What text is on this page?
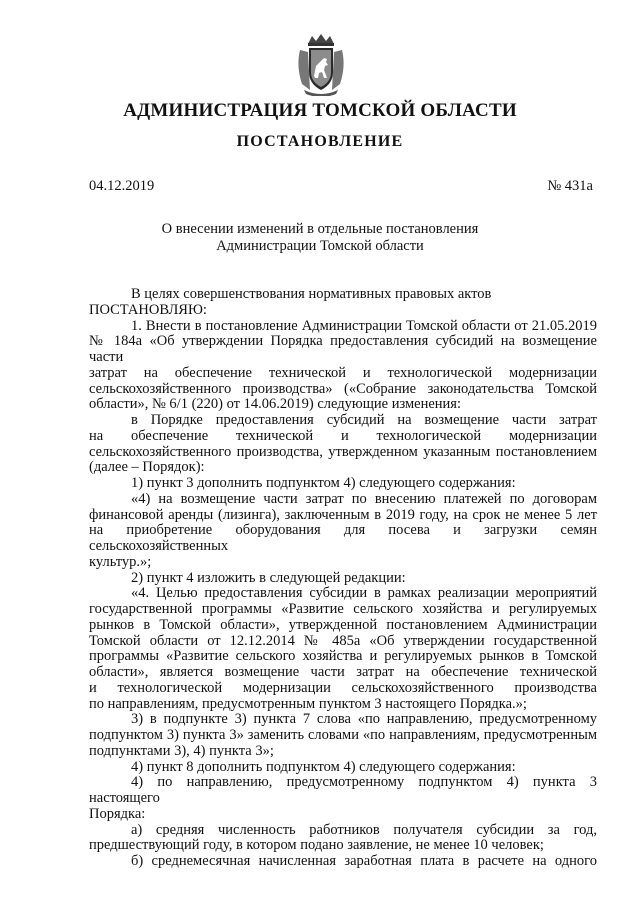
АДМИНИСТРАЦИЯ ТОМСКОЙ ОБЛАСТИ
ПОСТАНОВЛЕНИЕ
04.12.2019	№ 431а
О внесении изменений в отдельные постановления
Администрации Томской области

В целях совершенствования нормативных правовых актов

ПОСТАНОВЛЯЮ:

1. Внести в постановление Администрации Томской области от 21.05.2019

№ 184а «Об утверждении Порядка предоставления субсидий на возмещение части

затрат на обеспечение технической и технологической модернизации

сельскохозяйственного производства» («Собрание законодательства Томской

области», № 6/1 (220) от 14.06.2019) следующие изменения:

в Порядке предоставления субсидий на возмещение части затрат

на обеспечение технической и технологической модернизации

сельскохозяйственного производства, утвержденном указанным постановлением

(далее – Порядок):

1) пункт 3 дополнить подпунктом 4) следующего содержания:

«4) на возмещение части затрат по внесению платежей по договорам

финансовой аренды (лизинга), заключенным в 2019 году, на срок не менее 5 лет

на приобретение оборудования для посева и загрузки семян сельскохозяйственных

культур.»;

2) пункт 4 изложить в следующей редакции:

«4. Целью предоставления субсидии в рамках реализации мероприятий

государственной программы «Развитие сельского хозяйства и регулируемых

рынков в Томской области», утвержденной постановлением Администрации

Томской области от 12.12.2014 № 485а «Об утверждении государственной

программы «Развитие сельского хозяйства и регулируемых рынков в Томской

области», является возмещение части затрат на обеспечение технической

и технологической модернизации сельскохозяйственного производства

по направлениям, предусмотренным пунктом 3 настоящего Порядка.»;

3) в подпункте 3) пункта 7 слова «по направлению, предусмотренному

подпунктом 3) пункта 3» заменить словами «по направлениям, предусмотренным

подпунктами 3), 4) пункта 3»;

4) пункт 8 дополнить подпунктом 4) следующего содержания:

4) по направлению, предусмотренному подпунктом 4) пункта 3 настоящего

Порядка:

а) средняя численность работников получателя субсидии за год,

предшествующий году, в котором подано заявление, не менее 10 человек;

б) среднемесячная начисленная заработная плата в расчете на одного
